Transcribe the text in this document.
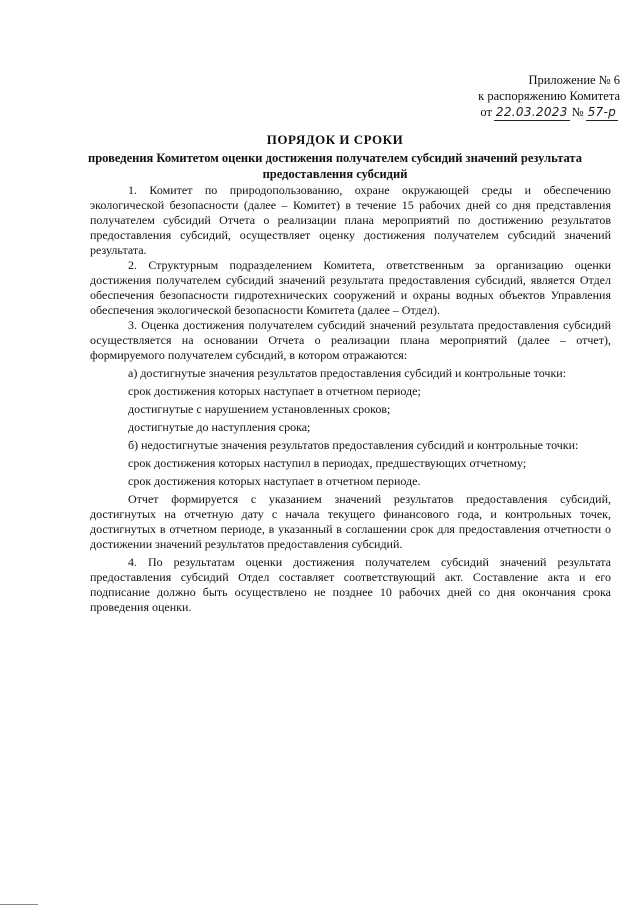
Приложение № 6
к распоряжению Комитета
от 22.03.2023 № 57-р
ПОРЯДОК И СРОКИ
проведения Комитетом оценки достижения получателем субсидий значений результата предоставления субсидий

1. Комитет по природопользованию, охране окружающей среды и обеспечению экологической безопасности (далее – Комитет) в течение 15 рабочих дней со дня представления получателем субсидий Отчета о реализации плана мероприятий по достижению результатов предоставления субсидий, осуществляет оценку достижения получателем субсидий значений результата.

2. Структурным подразделением Комитета, ответственным за организацию оценки достижения получателем субсидий значений результата предоставления субсидий, является Отдел обеспечения безопасности гидротехнических сооружений и охраны водных объектов Управления обеспечения экологической безопасности Комитета (далее – Отдел).

3. Оценка достижения получателем субсидий значений результата предоставления субсидий осуществляется на основании Отчета о реализации плана мероприятий (далее – отчет), формируемого получателем субсидий, в котором отражаются:

а) достигнутые значения результатов предоставления субсидий и контрольные точки:

срок достижения которых наступает в отчетном периоде;

достигнутые с нарушением установленных сроков;

достигнутые до наступления срока;

б) недостигнутые значения результатов предоставления субсидий и контрольные точки:

срок достижения которых наступил в периодах, предшествующих отчетному;

срок достижения которых наступает в отчетном периоде.

Отчет формируется с указанием значений результатов предоставления субсидий, достигнутых на отчетную дату с начала текущего финансового года, и контрольных точек, достигнутых в отчетном периоде, в указанный в соглашении срок для предоставления отчетности о достижении значений результатов предоставления субсидий.

4. По результатам оценки достижения получателем субсидий значений результата предоставления субсидий Отдел составляет соответствующий акт. Составление акта и его подписание должно быть осуществлено не позднее 10 рабочих дней со дня окончания срока проведения оценки.
